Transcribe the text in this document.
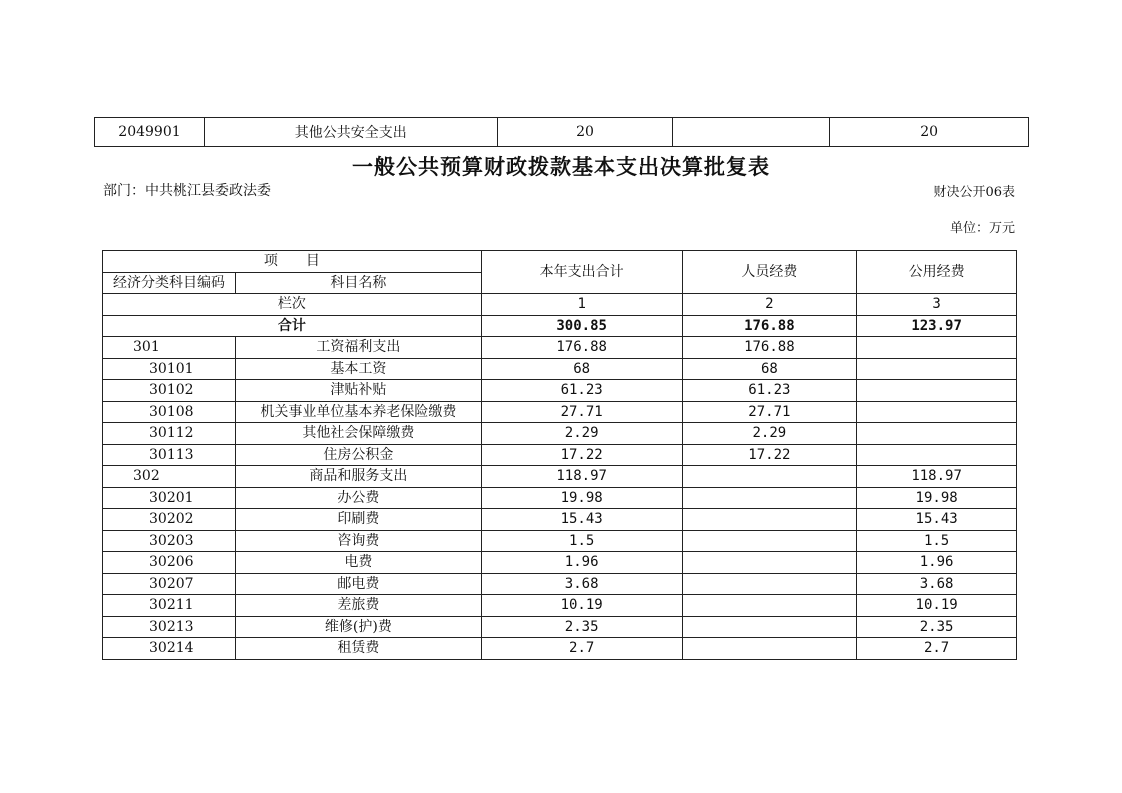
2049901	其他公共安全支出	20		20
一般公共预算财政拨款基本支出决算批复表
部门：中共桃江县委政法委	财决公开06表
单位：万元
项　　目		本年支出合计	人员经费	公用经费
经济分类科目编码	科目名称			
栏次		1	2	3
合计		300.85	176.88	123.97
301	工资福利支出	176.88	176.88	
30101	基本工资	68	68	
30102	津贴补贴	61.23	61.23	
30108	机关事业单位基本养老保险缴费	27.71	27.71	
30112	其他社会保障缴费	2.29	2.29	
30113	住房公积金	17.22	17.22	
302	商品和服务支出	118.97		118.97
30201	办公费	19.98		19.98
30202	印刷费	15.43		15.43
30203	咨询费	1.5		1.5
30206	电费	1.96		1.96
30207	邮电费	3.68		3.68
30211	差旅费	10.19		10.19
30213	维修(护)费	2.35		2.35
30214	租赁费	2.7		2.7
